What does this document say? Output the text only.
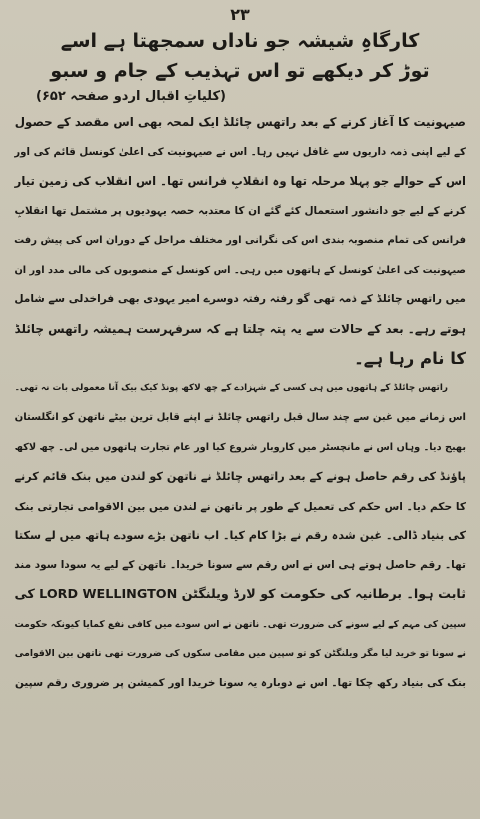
۲۳
کارگاہِ شیشہ جو ناداں سمجھتا ہے اسے
توڑ کر دیکھے تو اس تہذیب کے جام و سبو
(کلیاتِ اقبال اردو صفحہ ۶۵۲)

صیہونیت کا آغاز کرنے کے بعد راتھس چائلڈ ایک لمحہ بھی اس مقصد کے حصول
کے لیے اپنی ذمہ داریوں سے غافل نہیں رہا۔ اس نے صیہونیت کی اعلیٰ کونسل قائم کی اور
اس کے حوالے جو پہلا مرحلہ تھا وہ انقلابِ فرانس تھا۔ اس انقلاب کی زمین تیار
کرنے کے لیے جو دانشور استعمال کئے گئے ان کا معتدبہ حصہ یہودیوں پر مشتمل تھا انقلابِ
فرانس کی تمام منصوبہ بندی اس کی نگرانی اور مختلف مراحل کے دوران اس کی پیش رفت
صیہونیت کی اعلیٰ کونسل کے ہاتھوں میں رہی۔ اس کونسل کے منصوبوں کی مالی مدد اور ان
میں راتھس چائلڈ کے ذمہ تھی گو رفتہ رفتہ دوسرے امیر یہودی بھی فراخدلی سے شامل
ہوتے رہے۔ بعد کے حالات سے یہ پتہ چلتا ہے کہ سرفہرست ہمیشہ راتھس چائلڈ
کا نام رہا ہے۔

راتھس چائلڈ کے ہاتھوں میں ہی کسی کے شہزادے کے چھ لاکھ پونڈ کیک بیک آنا معمولی بات نہ تھی۔
اس زمانے میں غبن سے چند سال قبل راتھس چائلڈ نے اپنے قابل ترین بیٹے ناتھن کو انگلستان
بھیج دیا۔ وہاں اس نے مانچسٹر میں کاروبار شروع کیا اور عام تجارت ہاتھوں میں لی۔ چھ لاکھ
پاؤنڈ کی رقم حاصل ہونے کے بعد راتھس چائلڈ نے ناتھن کو لندن میں بنک قائم کرنے
کا حکم دیا۔ اس حکم کی تعمیل کے طور پر ناتھن نے لندن میں بین الاقوامی تجارتی بنک
کی بنیاد ڈالی۔ غبن شدہ رقم نے بڑا کام کیا۔ اب ناتھن بڑے سودے ہاتھ میں لے سکتا
تھا۔ رقم حاصل ہوتے ہی اس نے اس رقم سے سونا خریدا۔ ناتھن کے لیے یہ سودا سود مند
ثابت ہوا۔ برطانیہ کی حکومت کو لارڈ ویلنگٹن LORD WELLINGTON کی
سپین کی مہم کے لیے سونے کی ضرورت تھی۔ ناتھن نے اس سودے میں کافی نفع کمایا کیونکہ حکومت
نے سونا تو خرید لیا مگر ویلنگٹن کو تو سپین میں مقامی سکوں کی ضرورت تھی ناتھن بین الاقوامی
بنک کی بنیاد رکھ چکا تھا۔ اس نے دوبارہ یہ سونا خریدا اور کمیشن پر ضروری رقم سپین
